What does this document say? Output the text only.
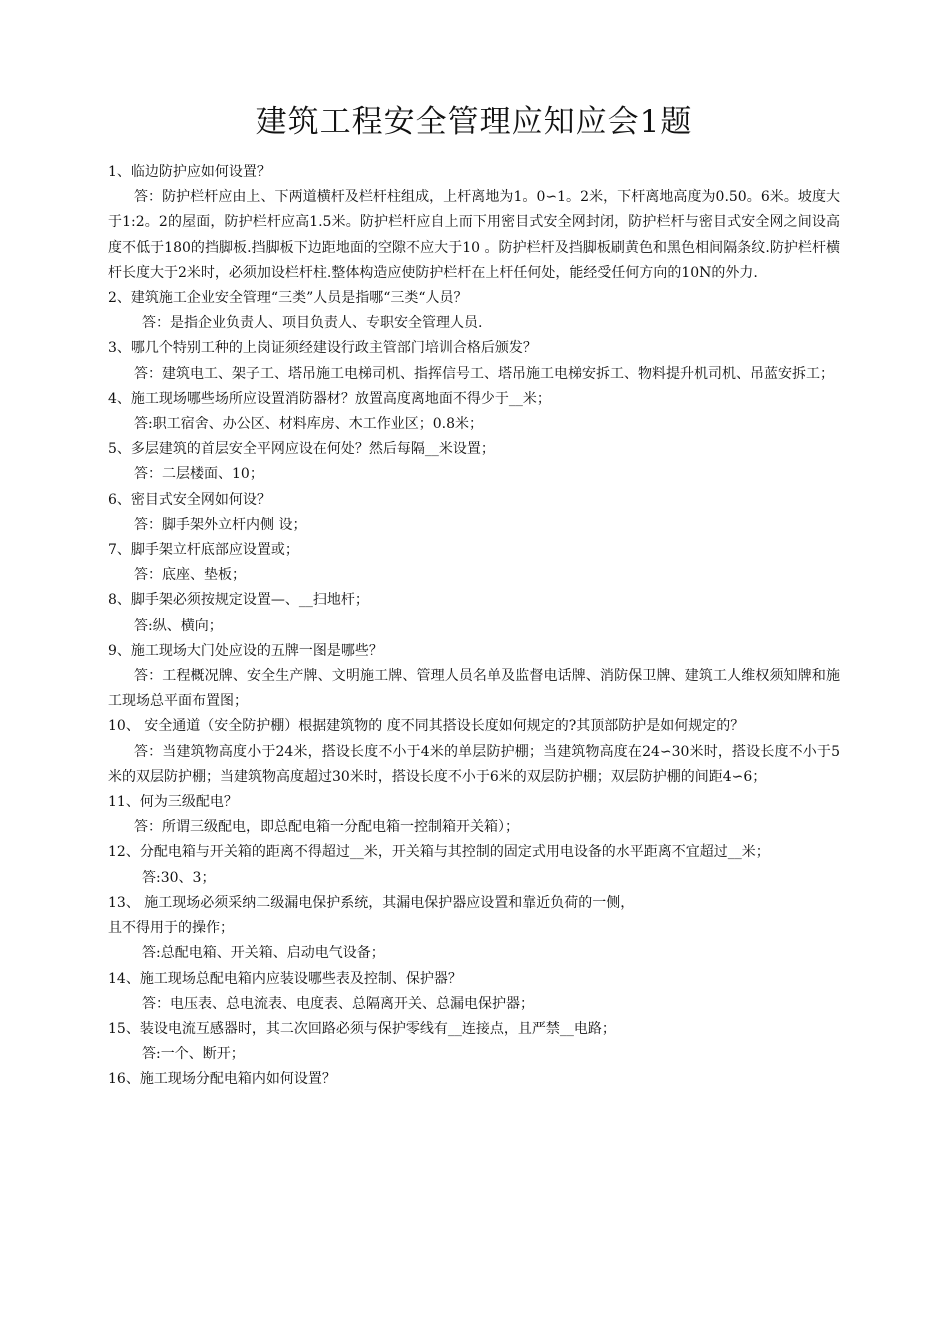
建筑工程安全管理应知应会1题
1、临边防护应如何设置？
答：防护栏杆应由上、下两道横杆及栏杆柱组成，上杆离地为1。0∽1。2米，下杆离地高度为0.50。6米。坡度大于1:2。2的屋面，防护栏杆应高1.5米。防护栏杆应自上而下用密目式安全网封闭，防护栏杆与密目式安全网之间设高度不低于180的挡脚板.挡脚板下边距地面的空隙不应大于10 。防护栏杆及挡脚板刷黄色和黑色相间隔条纹.防护栏杆横杆长度大于2米时，必须加设栏杆柱.整体构造应使防护栏杆在上杆任何处，能经受任何方向的10N的外力.
2、建筑施工企业安全管理“三类”人员是指哪“三类“人员？
答：是指企业负责人、项目负责人、专职安全管理人员.
3、哪几个特别工种的上岗证须经建设行政主管部门培训合格后颁发？
答：建筑电工、架子工、塔吊施工电梯司机、指挥信号工、塔吊施工电梯安拆工、物料提升机司机、吊蓝安拆工；
4、施工现场哪些场所应设置消防器材？放置高度离地面不得少于__米；
答:职工宿舍、办公区、材料库房、木工作业区；0.8米；
5、多层建筑的首层安全平网应设在何处？然后每隔__米设置；
答：二层楼面、10；
6、密目式安全网如何设？
答：脚手架外立杆内侧 设；
7、脚手架立杆底部应设置或；
答：底座、垫板；
8、脚手架必须按规定设置—、__扫地杆；
答:纵、横向；
9、施工现场大门处应设的五牌一图是哪些？
答：工程概况牌、安全生产牌、文明施工牌、管理人员名单及监督电话牌、消防保卫牌、建筑工人维权须知牌和施工现场总平面布置图；
10、 安全通道（安全防护棚）根据建筑物的 度不同其搭设长度如何规定的?其顶部防护是如何规定的？
答：当建筑物高度小于24米，搭设长度不小于4米的单层防护棚；当建筑物高度在24∽30米时，搭设长度不小于5米的双层防护棚；当建筑物高度超过30米时，搭设长度不小于6米的双层防护棚；双层防护棚的间距4∽6；
11、何为三级配电？
答：所谓三级配电，即总配电箱一分配电箱一控制箱开关箱）；
12、分配电箱与开关箱的距离不得超过__米，开关箱与其控制的固定式用电设备的水平距离不宜超过__米；
答:30、3；
13、 施工现场必须采纳二级漏电保护系统，其漏电保护器应设置和靠近负荷的一侧，
且不得用于的操作；
答:总配电箱、开关箱、启动电气设备；
14、施工现场总配电箱内应装设哪些表及控制、保护器？
答：电压表、总电流表、电度表、总隔离开关、总漏电保护器；
15、装设电流互感器时，其二次回路必须与保护零线有__连接点，且严禁__电路；
答:一个、断开；
16、施工现场分配电箱内如何设置？
